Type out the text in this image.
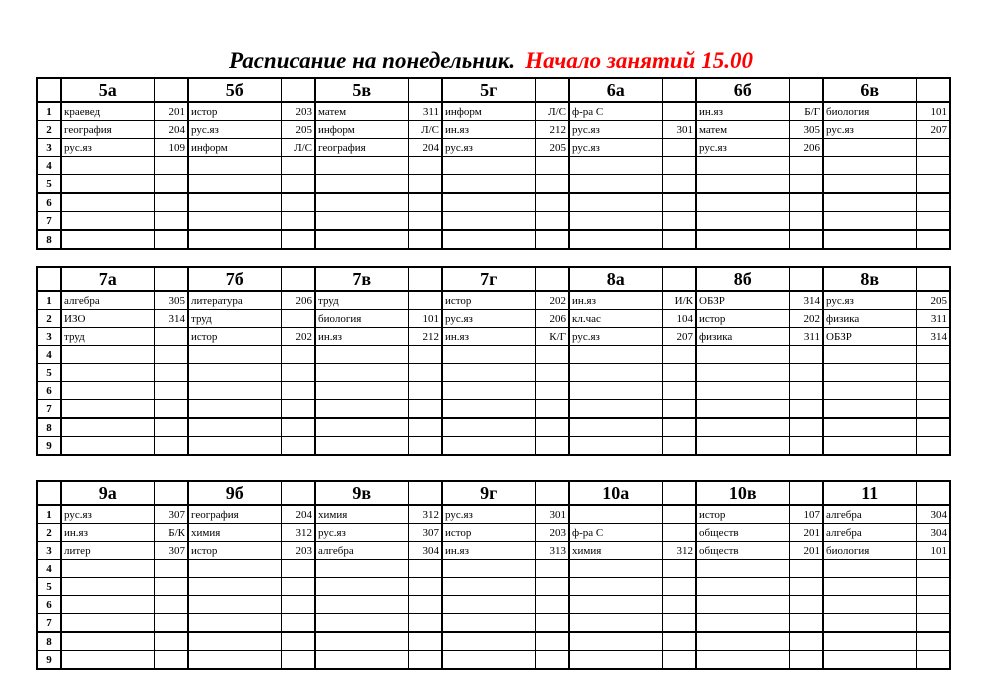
Расписание на понедельник. Начало занятий 15.00
	5а		5б		5в		5г		6а		6б		6в	
1	краевед	201	истор	203	матем	311	информ	Л/С	ф-ра С		ин.яз	Б/Г	биология	101
2	география	204	рус.яз	205	информ	Л/С	ин.яз	212	рус.яз	301	матем	305	рус.яз	207
3	рус.яз	109	информ	Л/С	география	204	рус.яз	205	рус.яз		рус.яз	206		
4														
5														
6														
7														
8														
	7а		7б		7в		7г		8а		8б		8в	
1	алгебра	305	литература	206	труд		истор	202	ин.яз	И/К	ОБЗР	314	рус.яз	205
2	ИЗО	314	труд		биология	101	рус.яз	206	кл.час	104	истор	202	физика	311
3	труд		истор	202	ин.яз	212	ин.яз	К/Г	рус.яз	207	физика	311	ОБЗР	314
4														
5														
6														
7														
8														
9														
	9а		9б		9в		9г		10а		10в		11	
1	рус.яз	307	география	204	химия	312	рус.яз	301			истор	107	алгебра	304
2	ин.яз	Б/К	химия	312	рус.яз	307	истор	203	ф-ра С		обществ	201	алгебра	304
3	литер	307	истор	203	алгебра	304	ин.яз	313	химия	312	обществ	201	биология	101
4														
5														
6														
7														
8														
9														
